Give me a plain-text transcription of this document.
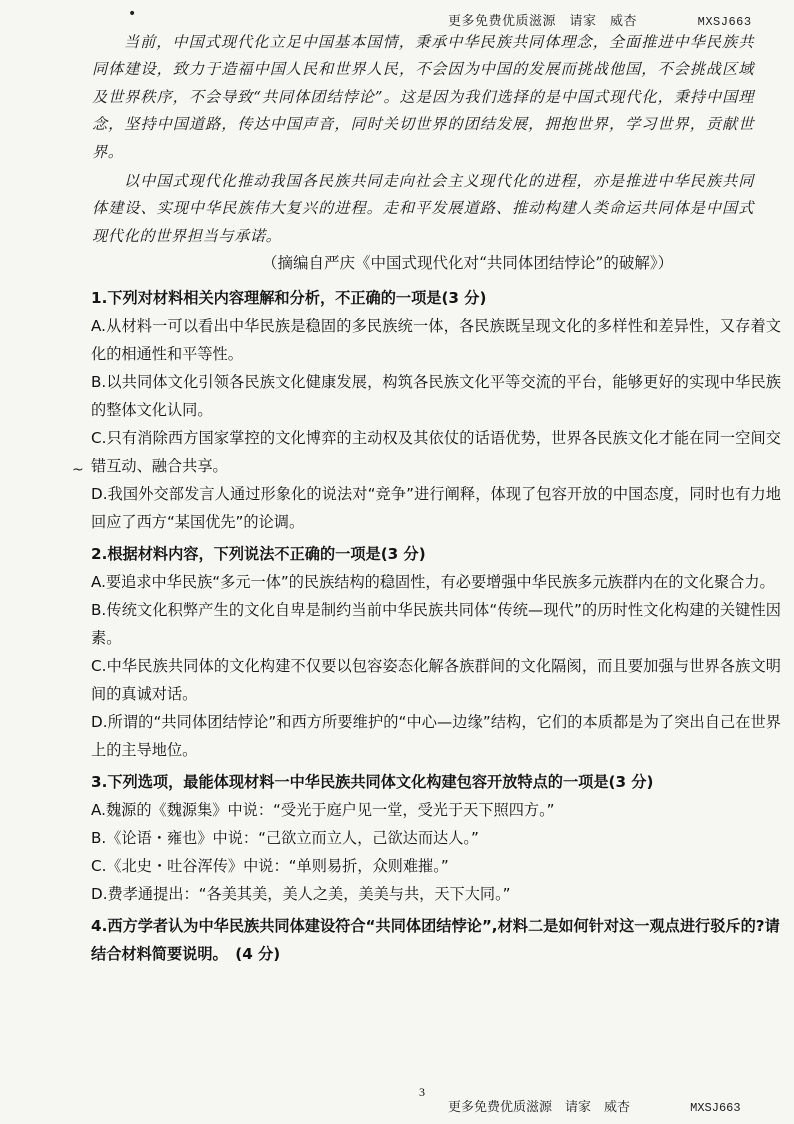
•
~
更多免费优质滋源　请家　威杏	MXSJ663

当前，中国式现代化立足中国基本国情，秉承中华民族共同体理念，全面推进中华民族共同体建设，致力于造福中国人民和世界人民，不会因为中国的发展而挑战他国，不会挑战区域及世界秩序，不会导致“共同体团结悖论”。这是因为我们选择的是中国式现代化，秉持中国理念，坚持中国道路，传达中国声音，同时关切世界的团结发展，拥抱世界，学习世界，贡献世界。

以中国式现代化推动我国各民族共同走向社会主义现代化的进程，亦是推进中华民族共同体建设、实现中华民族伟大复兴的进程。走和平发展道路、推动构建人类命运共同体是中国式现代化的世界担当与承诺。

（摘编自严庆《中国式现代化对“共同体团结悖论”的破解》）

1.下列对材料相关内容理解和分析，不正确的一项是(3 分)

A.从材料一可以看出中华民族是稳固的多民族统一体，各民族既呈现文化的多样性和差异性，又存着文化的相通性和平等性。

B.以共同体文化引领各民族文化健康发展，构筑各民族文化平等交流的平台，能够更好的实现中华民族的整体文化认同。

C.只有消除西方国家掌控的文化博弈的主动权及其依仗的话语优势，世界各民族文化才能在同一空间交错互动、融合共享。

D.我国外交部发言人通过形象化的说法对“竞争”进行阐释，体现了包容开放的中国态度，同时也有力地回应了西方“某国优先”的论调。

2.根据材料内容，下列说法不正确的一项是(3 分)

A.要追求中华民族“多元一体”的民族结构的稳固性，有必要增强中华民族多元族群内在的文化聚合力。

B.传统文化积弊产生的文化自卑是制约当前中华民族共同体“传统—现代”的历时性文化构建的关键性因素。

C.中华民族共同体的文化构建不仅要以包容姿态化解各族群间的文化隔阂，而且要加强与世界各族文明间的真诚对话。

D.所谓的“共同体团结悖论”和西方所要维护的“中心—边缘”结构，它们的本质都是为了突出自己在世界上的主导地位。

3.下列选项，最能体现材料一中华民族共同体文化构建包容开放特点的一项是(3 分)

A.魏源的《魏源集》中说：“受光于庭户见一堂，受光于天下照四方。”

B.《论语・雍也》中说：“己欲立而立人，己欲达而达人。”

C.《北史・吐谷浑传》中说：“单则易折，众则难摧。”

D.费孝通提出：“各美其美，美人之美，美美与共，天下大同。”

4.西方学者认为中华民族共同体建设符合“共同体团结悖论”,材料二是如何针对这一观点进行驳斥的?请结合材料简要说明。　(4 分)

3
更多免费优质滋源　请家　威杏	MXSJ663
